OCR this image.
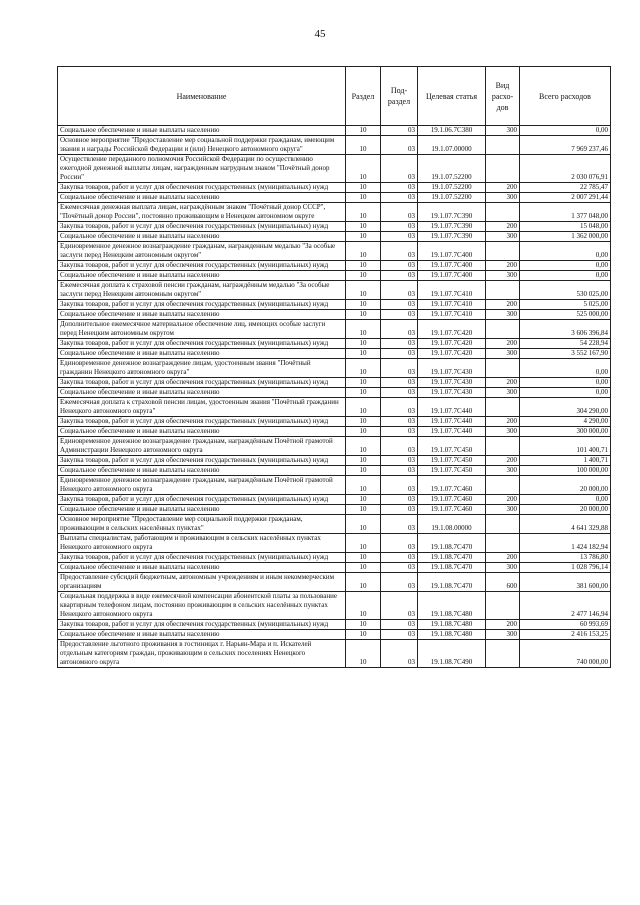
45
Наименование	Раздел	Под-раздел	Целевая статья	Вид расхо-дов	Всего расходов
Социальное обеспечение и иные выплаты населению	10	03	19.1.06.7С380	300	0,00
Основное мероприятие "Предоставление мер социальной поддержки гражданам, имеющим звания и награды Российской Федерации и (или) Ненецкого автономного округа"	10	03	19.1.07.00000		7 969 237,46
Осуществление переданного полномочия Российской Федерации по осуществлению ежегодной денежной выплаты лицам, награжденным нагрудным знаком "Почётный донор России"	10	03	19.1.07.52200		2 030 076,91
Закупка товаров, работ и услуг для обеспечения государственных (муниципальных) нужд	10	03	19.1.07.52200	200	22 785,47
Социальное обеспечение и иные выплаты населению	10	03	19.1.07.52200	300	2 007 291,44
Ежемесячная денежная выплата лицам, награждённым знаком "Почётный донор СССР", "Почётный донор России", постоянно проживающим в Ненецком автономном округе	10	03	19.1.07.7С390		1 377 048,00
Закупка товаров, работ и услуг для обеспечения государственных (муниципальных) нужд	10	03	19.1.07.7С390	200	15 048,00
Социальное обеспечение и иные выплаты населению	10	03	19.1.07.7С390	300	1 362 000,00
Единовременное денежное вознаграждение гражданам, награжденным медалью "За особые заслуги перед Ненецким автономным округом"	10	03	19.1.07.7С400		0,00
Закупка товаров, работ и услуг для обеспечения государственных (муниципальных) нужд	10	03	19.1.07.7С400	200	0,00
Социальное обеспечение и иные выплаты населению	10	03	19.1.07.7С400	300	0,00
Ежемесячная доплата к страховой пенсии гражданам, награждённым медалью "За особые заслуги перед Ненецким автономным округом"	10	03	19.1.07.7С410		530 025,00
Закупка товаров, работ и услуг для обеспечения государственных (муниципальных) нужд	10	03	19.1.07.7С410	200	5 025,00
Социальное обеспечение и иные выплаты населению	10	03	19.1.07.7С410	300	525 000,00
Дополнительное ежемесячное материальное обеспечение лиц, имеющих особые заслуги перед Ненецким автономным округом	10	03	19.1.07.7С420		3 606 396,84
Закупка товаров, работ и услуг для обеспечения государственных (муниципальных) нужд	10	03	19.1.07.7С420	200	54 228,94
Социальное обеспечение и иные выплаты населению	10	03	19.1.07.7С420	300	3 552 167,90
Единовременное денежное вознаграждение лицам, удостоенным звания "Почётный гражданин Ненецкого автономного округа"	10	03	19.1.07.7С430		0,00
Закупка товаров, работ и услуг для обеспечения государственных (муниципальных) нужд	10	03	19.1.07.7С430	200	0,00
Социальное обеспечение и иные выплаты населению	10	03	19.1.07.7С430	300	0,00
Ежемесячная доплата к страховой пенсии лицам, удостоенным звания "Почётный гражданин Ненецкого автономного округа"	10	03	19.1.07.7С440		304 290,00
Закупка товаров, работ и услуг для обеспечения государственных (муниципальных) нужд	10	03	19.1.07.7С440	200	4 290,00
Социальное обеспечение и иные выплаты населению	10	03	19.1.07.7С440	300	300 000,00
Единовременное денежное вознаграждение гражданам, награждённым Почётной грамотой Администрации Ненецкого автономного округа	10	03	19.1.07.7С450		101 400,71
Закупка товаров, работ и услуг для обеспечения государственных (муниципальных) нужд	10	03	19.1.07.7С450	200	1 400,71
Социальное обеспечение и иные выплаты населению	10	03	19.1.07.7С450	300	100 000,00
Единовременное денежное вознаграждение гражданам, награждённым Почётной грамотой Ненецкого автономного округа	10	03	19.1.07.7С460		20 000,00
Закупка товаров, работ и услуг для обеспечения государственных (муниципальных) нужд	10	03	19.1.07.7С460	200	0,00
Социальное обеспечение и иные выплаты населению	10	03	19.1.07.7С460	300	20 000,00
Основное мероприятие "Предоставление мер социальной поддержки гражданам, проживающим в сельских населённых пунктах"	10	03	19.1.08.00000		4 641 329,88
Выплаты специалистам, работающим и проживающим в сельских населённых пунктах Ненецкого автономного округа	10	03	19.1.08.7С470		1 424 182,94
Закупка товаров, работ и услуг для обеспечения государственных (муниципальных) нужд	10	03	19.1.08.7С470	200	13 786,80
Социальное обеспечение и иные выплаты населению	10	03	19.1.08.7С470	300	1 028 796,14
Предоставление субсидий бюджетным, автономным учреждениям и иным некоммерческим организациям	10	03	19.1.08.7С470	600	381 600,00
Социальная поддержка в виде ежемесячной компенсации абонентской платы за пользование квартирным телефоном лицам, постоянно проживающим в сельских населённых пунктах Ненецкого автономного округа	10	03	19.1.08.7С480		2 477 146,94
Закупка товаров, работ и услуг для обеспечения государственных (муниципальных) нужд	10	03	19.1.08.7С480	200	60 993,69
Социальное обеспечение и иные выплаты населению	10	03	19.1.08.7С480	300	2 416 153,25
Предоставление льготного проживания в гостиницах г. Нарьян-Мара и п. Искателей отдельным категориям граждан, проживающим в сельских поселениях Ненецкого автономного округа	10	03	19.1.08.7С490		740 000,00
